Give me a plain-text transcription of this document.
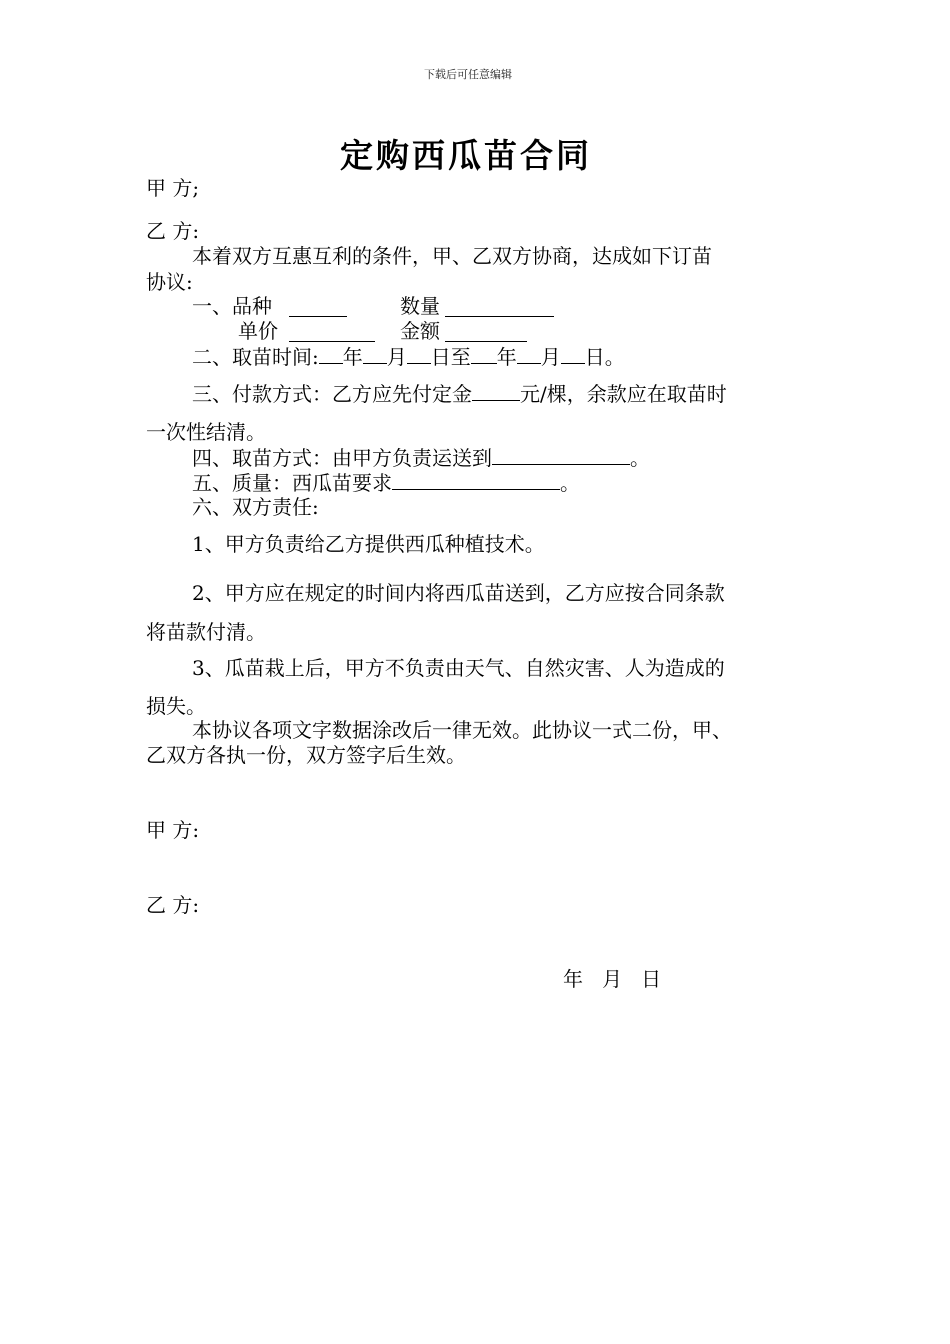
下载后可任意编辑
定购西瓜苗合同
甲 方;
乙 方:
本着双方互惠互利的条件，甲、乙双方协商，达成如下订苗
协议:
一、品种	数量
单价	金额
二、取苗时间: 年 月 日至 年 月 日。
三、付款方式：乙方应先付定金 元/棵，余款应在取苗时
一次性结清。
四、取苗方式：由甲方负责运送到	。
五、质量：西瓜苗要求	。
六、双方责任:
1、甲方负责给乙方提供西瓜种植技术。
2、甲方应在规定的时间内将西瓜苗送到，乙方应按合同条款
将苗款付清。
3、瓜苗栽上后，甲方不负责由天气、自然灾害、人为造成的
损失。
本协议各项文字数据涂改后一律无效。此协议一式二份，甲、
乙双方各执一份，双方签字后生效。
甲 方:
乙 方:
年   月   日
